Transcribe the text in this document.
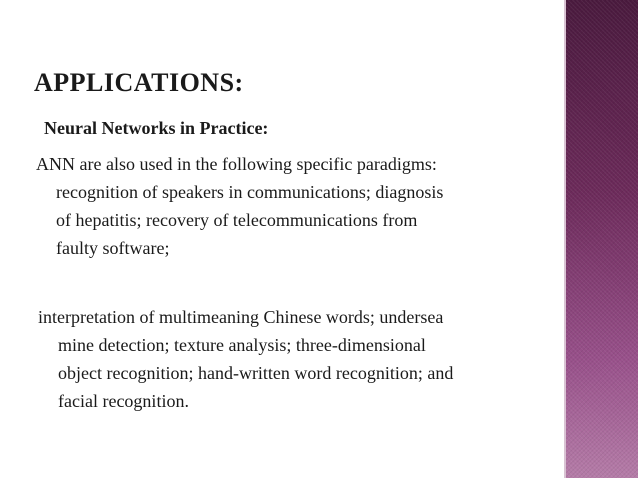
APPLICATIONS:
Neural Networks in Practice:
ANN are also used in the following specific paradigms:
recognition of speakers in communications; diagnosis
of hepatitis; recovery of telecommunications from
faulty software;
interpretation of multimeaning Chinese words; undersea
mine detection; texture analysis; three-dimensional
object recognition; hand-written word recognition; and
facial recognition.
